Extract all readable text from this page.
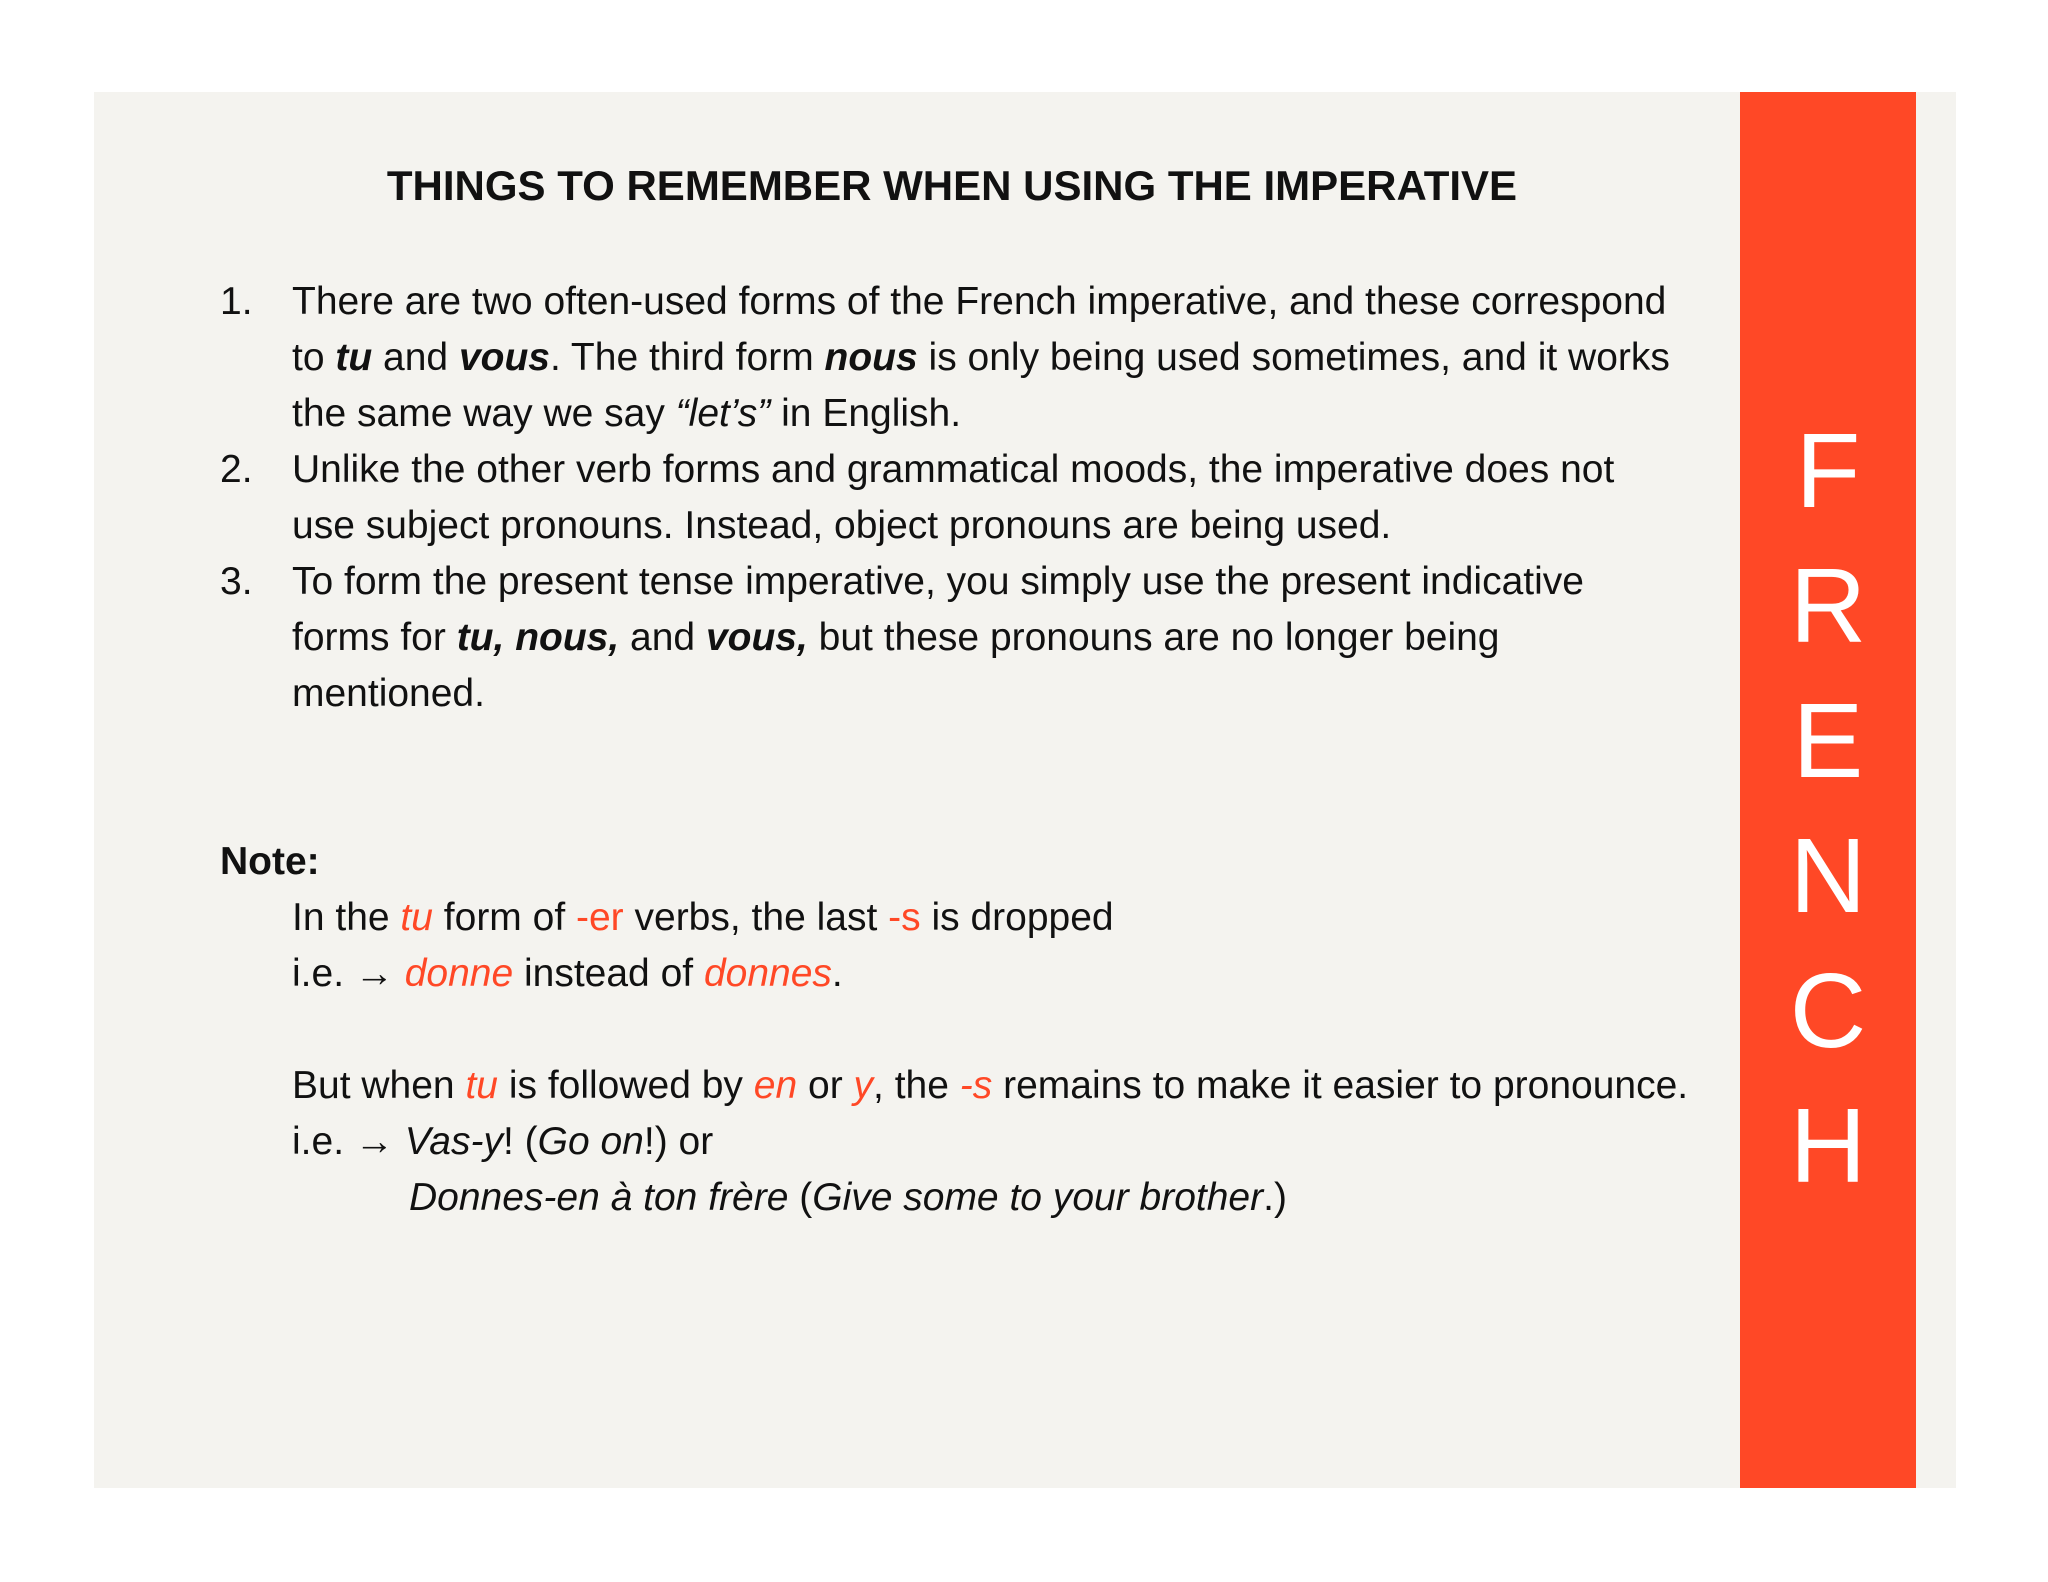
THINGS TO REMEMBER WHEN USING THE IMPERATIVE
1. There are two often-used forms of the French imperative, and these correspond to tu and vous. The third form nous is only being used sometimes, and it works the same way we say “let’s” in English.
2. Unlike the other verb forms and grammatical moods, the imperative does not use subject pronouns. Instead, object pronouns are being used.
3. To form the present tense imperative, you simply use the present indicative forms for tu, nous, and vous, but these pronouns are no longer being mentioned.
Note:
In the tu form of -er verbs, the last -s is dropped
i.e. → donne instead of donnes.
But when tu is followed by en or y, the -s remains to make it easier to pronounce.
i.e. → Vas-y! (Go on!) or
Donnes-en à ton frère (Give some to your brother.)
F
R
E
N
C
H
